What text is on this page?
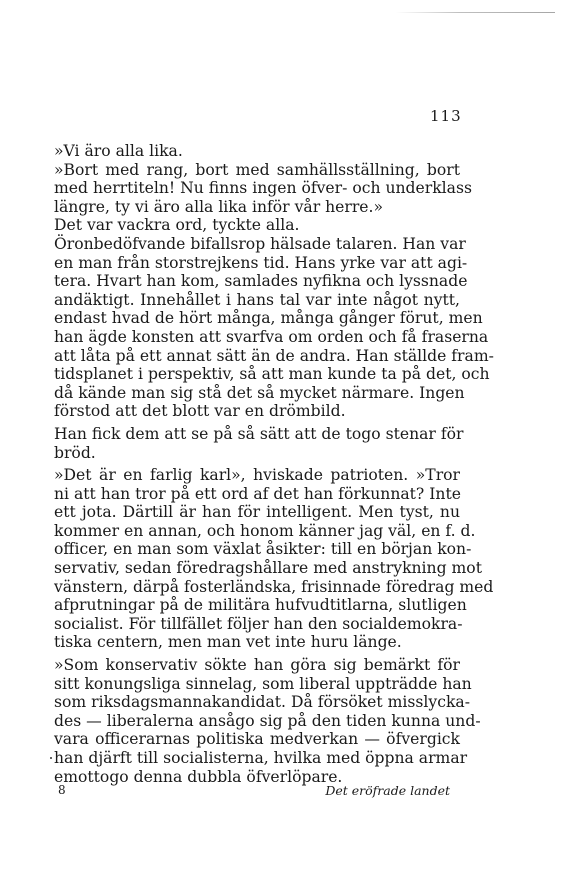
113
»Vi äro alla lika.
»Bort med rang, bort med samhällsställning, bort
med herrtiteln! Nu finns ingen öfver- och underklass
längre, ty vi äro alla lika inför vår herre.»
Det var vackra ord, tyckte alla.
Öronbedöfvande bifallsrop hälsade talaren. Han var
en man från storstrejkens tid. Hans yrke var att agi-
tera. Hvart han kom, samlades nyfikna och lyssnade
andäktigt. Innehållet i hans tal var inte något nytt,
endast hvad de hört många, många gånger förut, men
han ägde konsten att svarfva om orden och få fraserna
att låta på ett annat sätt än de andra. Han ställde fram-
tidsplanet i perspektiv, så att man kunde ta på det, och
då kände man sig stå det så mycket närmare. Ingen
förstod att det blott var en drömbild.
Han fick dem att se på så sätt att de togo stenar för
bröd.
»Det är en farlig karl», hviskade patrioten. »Tror
ni att han tror på ett ord af det han förkunnat? Inte
ett jota. Därtill är han för intelligent. Men tyst, nu
kommer en annan, och honom känner jag väl, en f. d.
officer, en man som växlat åsikter: till en början kon-
servativ, sedan föredragshållare med anstrykning mot
vänstern, därpå fosterländska, frisinnade föredrag med
afprutningar på de militära hufvudtitlarna, slutligen
socialist. För tillfället följer han den socialdemokra-
tiska centern, men man vet inte huru länge.
»Som konservativ sökte han göra sig bemärkt för
sitt konungsliga sinnelag, som liberal uppträdde han
som riksdagsmannakandidat. Då försöket misslycka-
des — liberalerna ansågo sig på den tiden kunna und-
vara officerarnas politiska medverkan — öfvergick
han djärft till socialisterna, hvilka med öppna armar
emottogo denna dubbla öfverlöpare.
8	Det eröfrade landet
